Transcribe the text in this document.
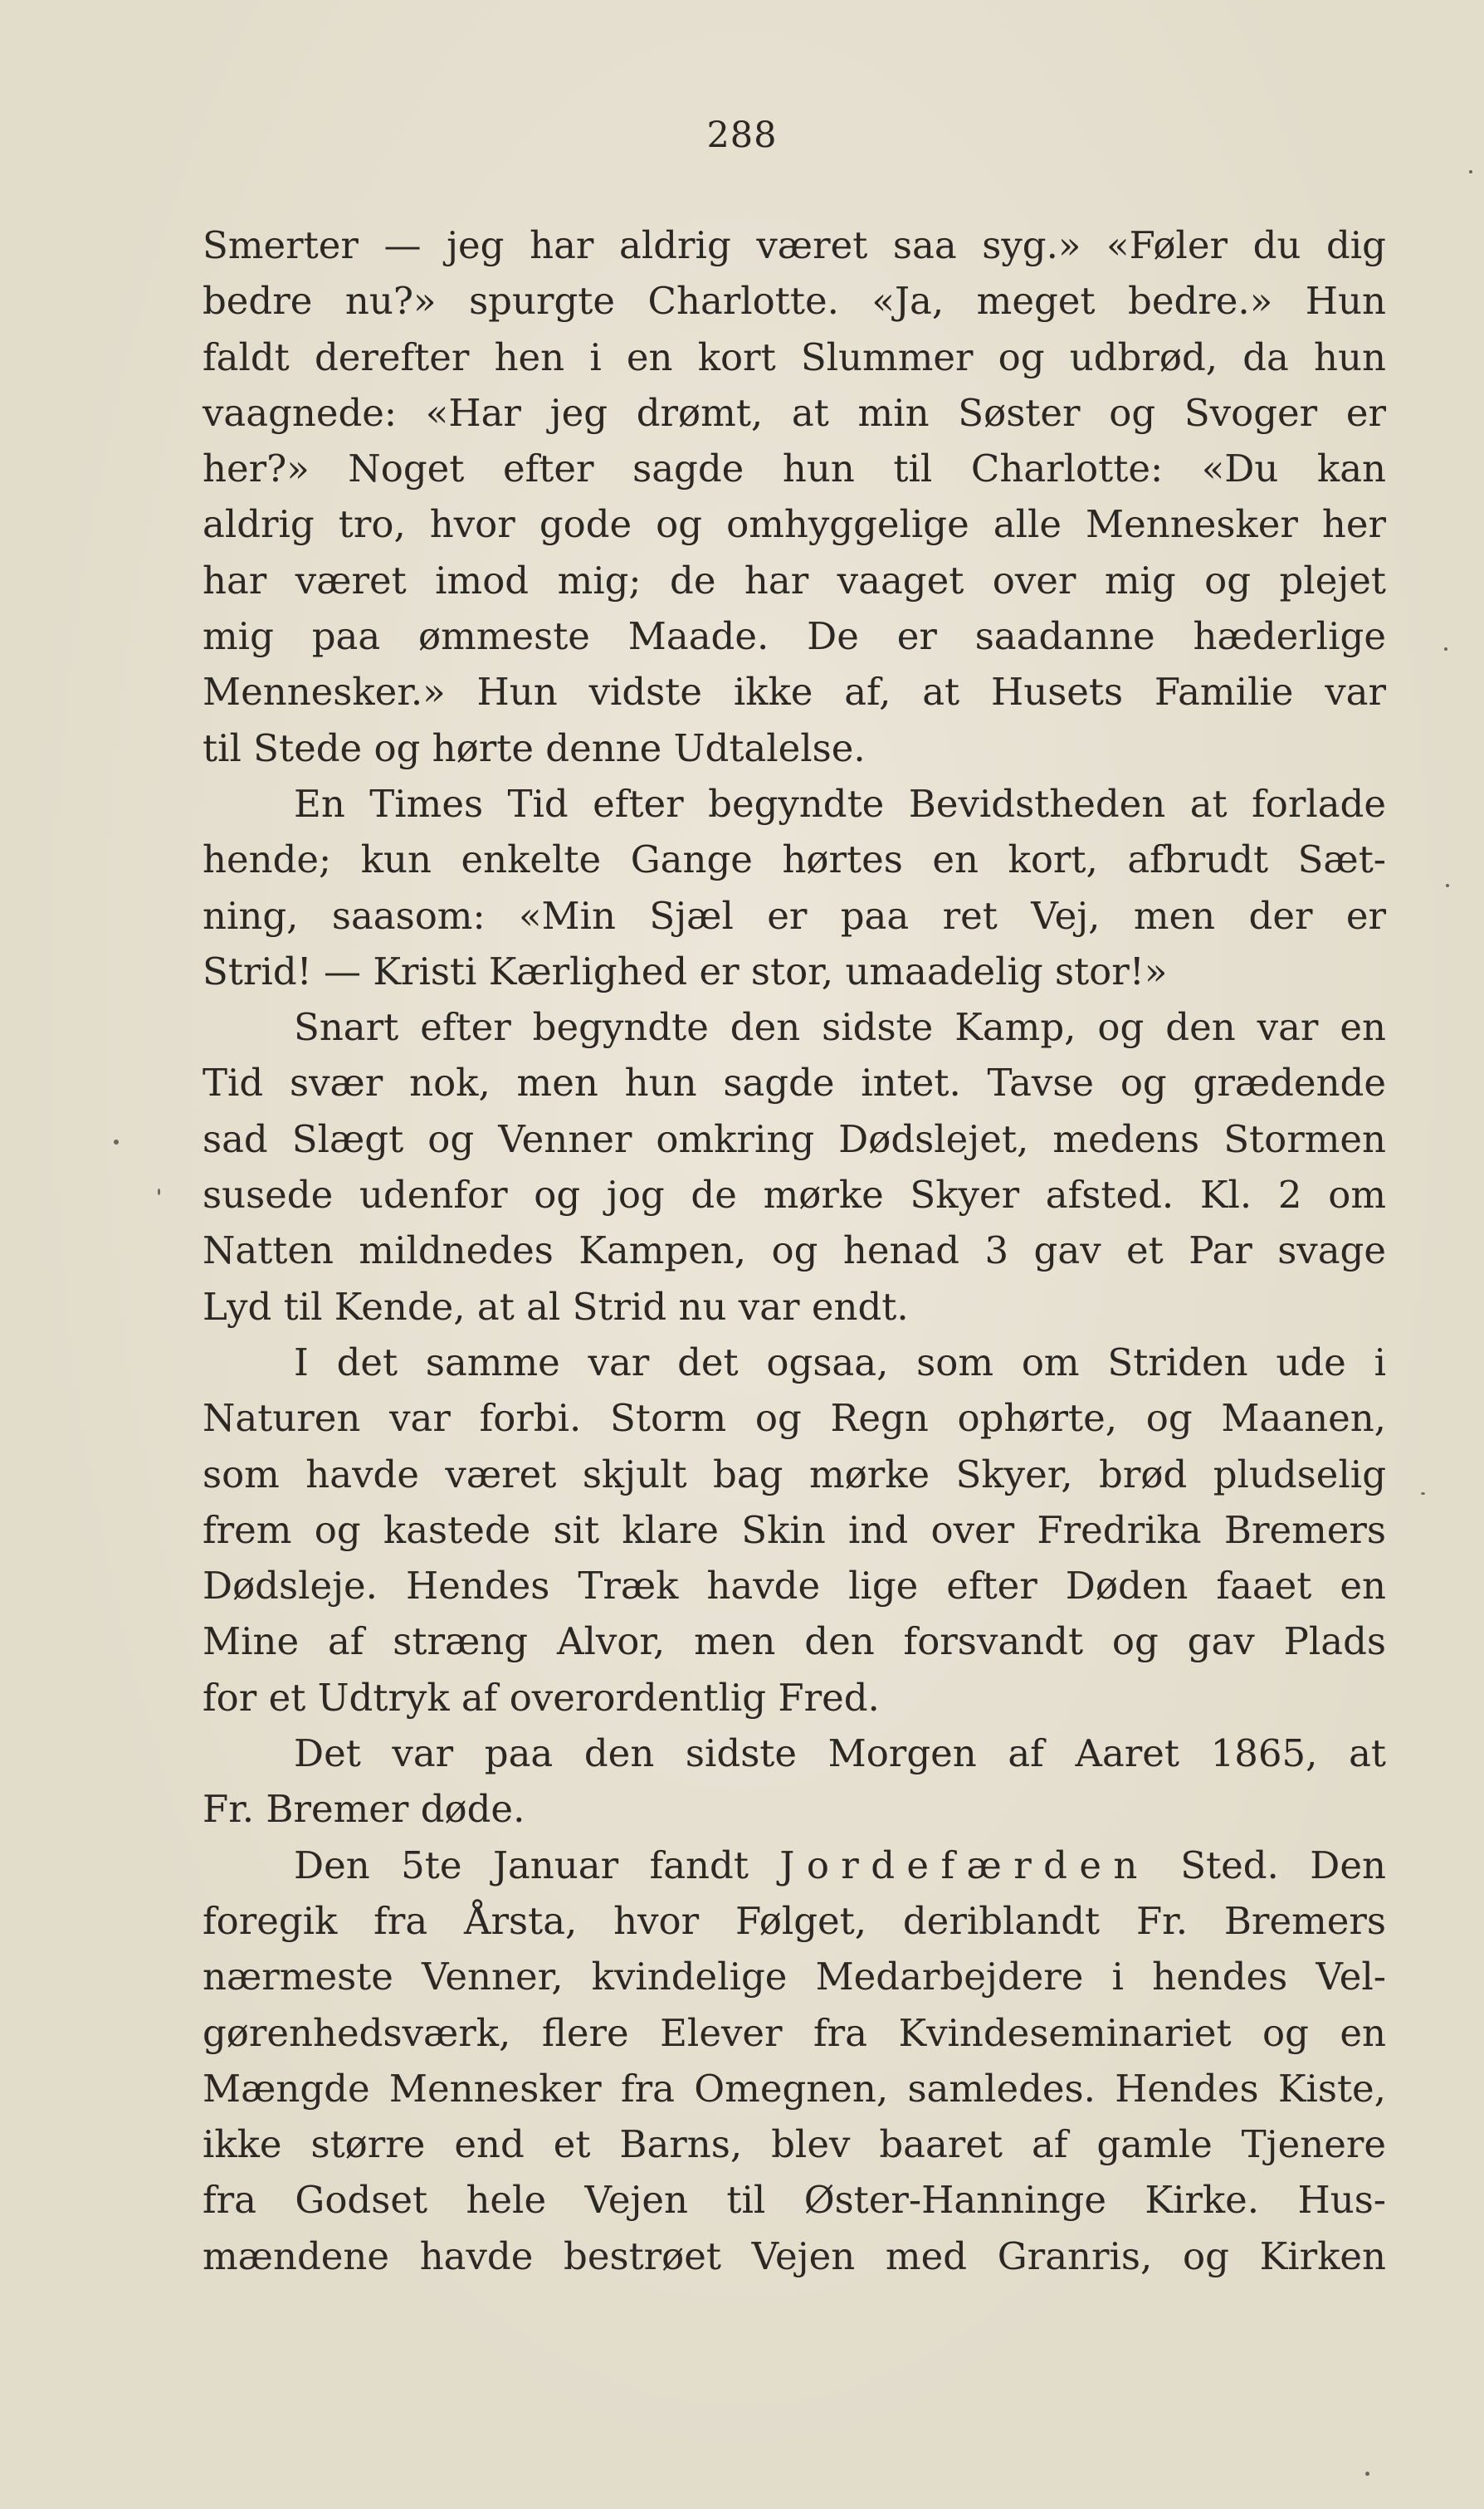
288
Smerter — jeg har aldrig været saa syg.» «Føler du dig
bedre nu?» spurgte Charlotte. «Ja, meget bedre.» Hun
faldt derefter hen i en kort Slummer og udbrød, da hun
vaagnede: «Har jeg drømt, at min Søster og Svoger er
her?» Noget efter sagde hun til Charlotte: «Du kan
aldrig tro, hvor gode og omhyggelige alle Mennesker her
har været imod mig; de har vaaget over mig og plejet
mig paa ømmeste Maade. De er saadanne hæderlige
Mennesker.» Hun vidste ikke af, at Husets Familie var
til Stede og hørte denne Udtalelse.
En Times Tid efter begyndte Bevidstheden at forlade
hende; kun enkelte Gange hørtes en kort, afbrudt Sæt-
ning, saasom: «Min Sjæl er paa ret Vej, men der er
Strid! — Kristi Kærlighed er stor, umaadelig stor!»
Snart efter begyndte den sidste Kamp, og den var en
Tid svær nok, men hun sagde intet. Tavse og grædende
sad Slægt og Venner omkring Dødslejet, medens Stormen
susede udenfor og jog de mørke Skyer afsted. Kl. 2 om
Natten mildnedes Kampen, og henad 3 gav et Par svage
Lyd til Kende, at al Strid nu var endt.
I det samme var det ogsaa, som om Striden ude i
Naturen var forbi. Storm og Regn ophørte, og Maanen,
som havde været skjult bag mørke Skyer, brød pludselig
frem og kastede sit klare Skin ind over Fredrika Bremers
Dødsleje. Hendes Træk havde lige efter Døden faaet en
Mine af stræng Alvor, men den forsvandt og gav Plads
for et Udtryk af overordentlig Fred.
Det var paa den sidste Morgen af Aaret 1865, at
Fr. Bremer døde.
Den 5te Januar fandt Jordefærden Sted. Den
foregik fra Årsta, hvor Følget, deriblandt Fr. Bremers
nærmeste Venner, kvindelige Medarbejdere i hendes Vel-
gørenhedsværk, flere Elever fra Kvindeseminariet og en
Mængde Mennesker fra Omegnen, samledes. Hendes Kiste,
ikke større end et Barns, blev baaret af gamle Tjenere
fra Godset hele Vejen til Øster-Hanninge Kirke. Hus-
mændene havde bestrøet Vejen med Granris, og Kirken
